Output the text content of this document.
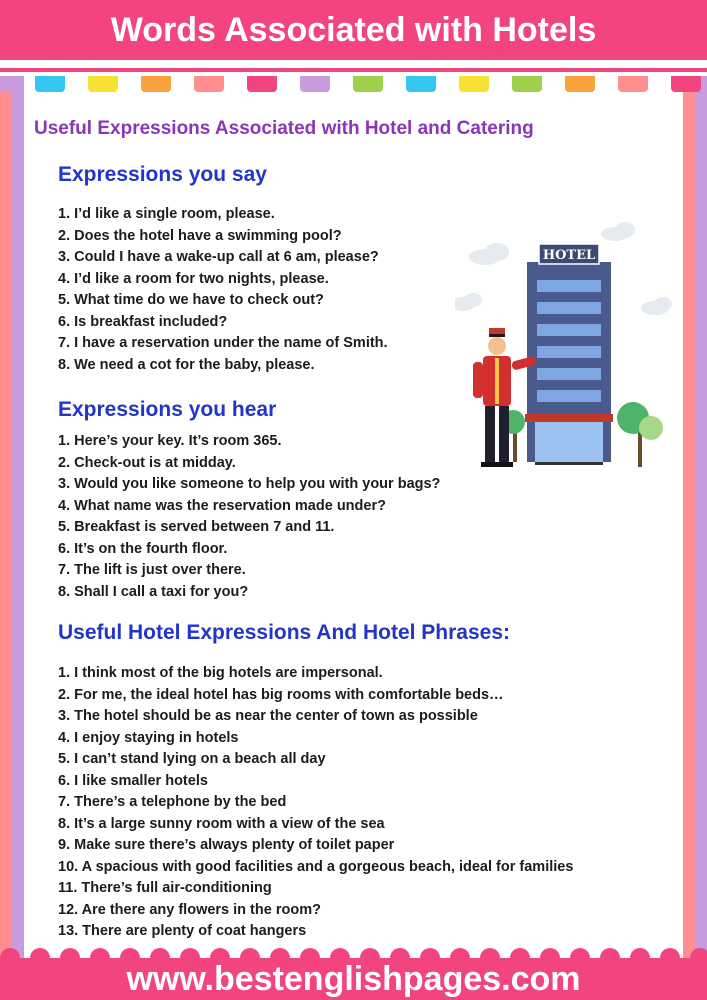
Words Associated with Hotels
Useful Expressions Associated with Hotel and Catering
Expressions you say
1. I’d like a single room, please.
2. Does the hotel have a swimming pool?
3. Could I have a wake-up call at 6 am, please?
4. I’d like a room for two nights, please.
5. What time do we have to check out?
6. Is breakfast included?
7. I have a reservation under the name of Smith.
8. We need a cot for the baby, please.
Expressions you hear
1. Here’s your key. It’s room 365.
2. Check-out is at midday.
3. Would you like someone to help you with your bags?
4. What name was the reservation made under?
5. Breakfast is served between 7 and 11.
6. It’s on the fourth floor.
7. The lift is just over there.
8. Shall I call a taxi for you?
Useful Hotel Expressions And Hotel Phrases:
1. I think most of the big hotels are impersonal.
2. For me, the ideal hotel has big rooms with comfortable beds…
3. The hotel should be as near the center of town as possible
4. I enjoy staying in hotels
5. I can’t stand lying on a beach all day
6. I like smaller hotels
7. There’s a telephone by the bed
8. It’s a large sunny room with a view of the sea
9. Make sure there’s always plenty of toilet paper
10. A spacious with good facilities and a gorgeous beach, ideal for families
11. There’s full air-conditioning
12. Are there any flowers in the room?
13. There are plenty of coat hangers
HOTEL
www.bestenglishpages.com
